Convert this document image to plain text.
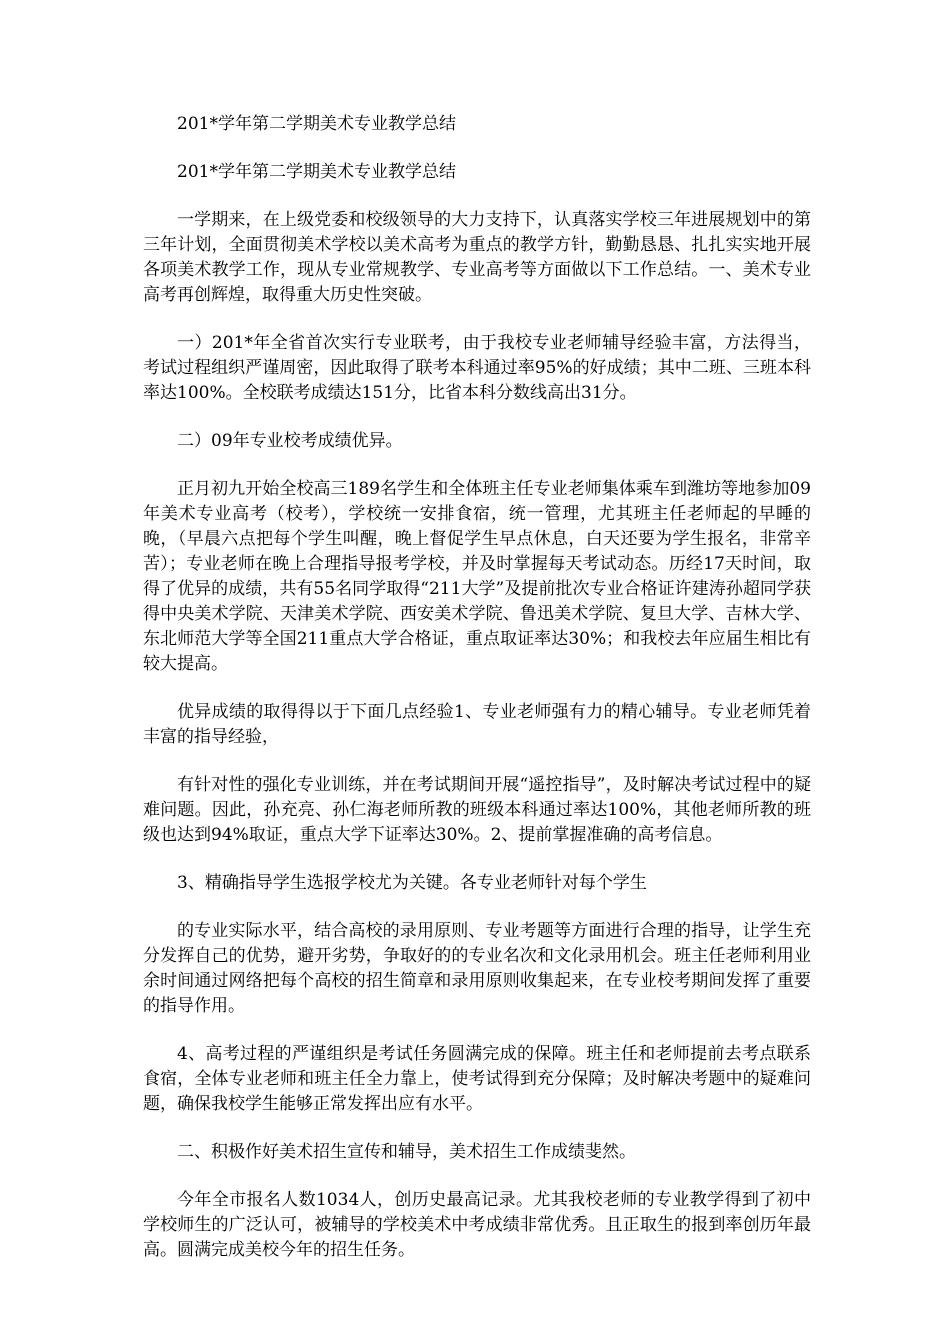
201*学年第二学期美术专业教学总结

201*学年第二学期美术专业教学总结

一学期来，在上级党委和校级领导的大力支持下，认真落实学校三年进展规划中的第三年计划，全面贯彻美术学校以美术高考为重点的教学方针，勤勤恳恳、扎扎实实地开展各项美术教学工作，现从专业常规教学、专业高考等方面做以下工作总结。一、美术专业高考再创辉煌，取得重大历史性突破。

一）201*年全省首次实行专业联考，由于我校专业老师辅导经验丰富，方法得当，考试过程组织严谨周密，因此取得了联考本科通过率95%的好成绩；其中二班、三班本科率达100%。全校联考成绩达151分，比省本科分数线高出31分。

二）09年专业校考成绩优异。

正月初九开始全校高三189名学生和全体班主任专业老师集体乘车到潍坊等地参加09年美术专业高考（校考），学校统一安排食宿，统一管理，尤其班主任老师起的早睡的晚，（早晨六点把每个学生叫醒，晚上督促学生早点休息，白天还要为学生报名，非常辛苦）；专业老师在晚上合理指导报考学校，并及时掌握每天考试动态。历经17天时间，取得了优异的成绩，共有55名同学取得“211大学”及提前批次专业合格证许建涛孙超同学获得中央美术学院、天津美术学院、西安美术学院、鲁迅美术学院、复旦大学、吉林大学、东北师范大学等全国211重点大学合格证，重点取证率达30%；和我校去年应届生相比有较大提高。

优异成绩的取得得以于下面几点经验1、专业老师强有力的精心辅导。专业老师凭着丰富的指导经验，

有针对性的强化专业训练，并在考试期间开展“遥控指导”，及时解决考试过程中的疑难问题。因此，孙充亮、孙仁海老师所教的班级本科通过率达100%，其他老师所教的班级也达到94%取证，重点大学下证率达30%。2、提前掌握准确的高考信息。

3、精确指导学生选报学校尤为关键。各专业老师针对每个学生

的专业实际水平，结合高校的录用原则、专业考题等方面进行合理的指导，让学生充分发挥自己的优势，避开劣势，争取好的的专业名次和文化录用机会。班主任老师利用业余时间通过网络把每个高校的招生简章和录用原则收集起来，在专业校考期间发挥了重要的指导作用。

4、高考过程的严谨组织是考试任务圆满完成的保障。班主任和老师提前去考点联系食宿，全体专业老师和班主任全力靠上，使考试得到充分保障；及时解决考题中的疑难问题，确保我校学生能够正常发挥出应有水平。

二、积极作好美术招生宣传和辅导，美术招生工作成绩斐然。

今年全市报名人数1034人，创历史最高记录。尤其我校老师的专业教学得到了初中学校师生的广泛认可，被辅导的学校美术中考成绩非常优秀。且正取生的报到率创历年最高。圆满完成美校今年的招生任务。
